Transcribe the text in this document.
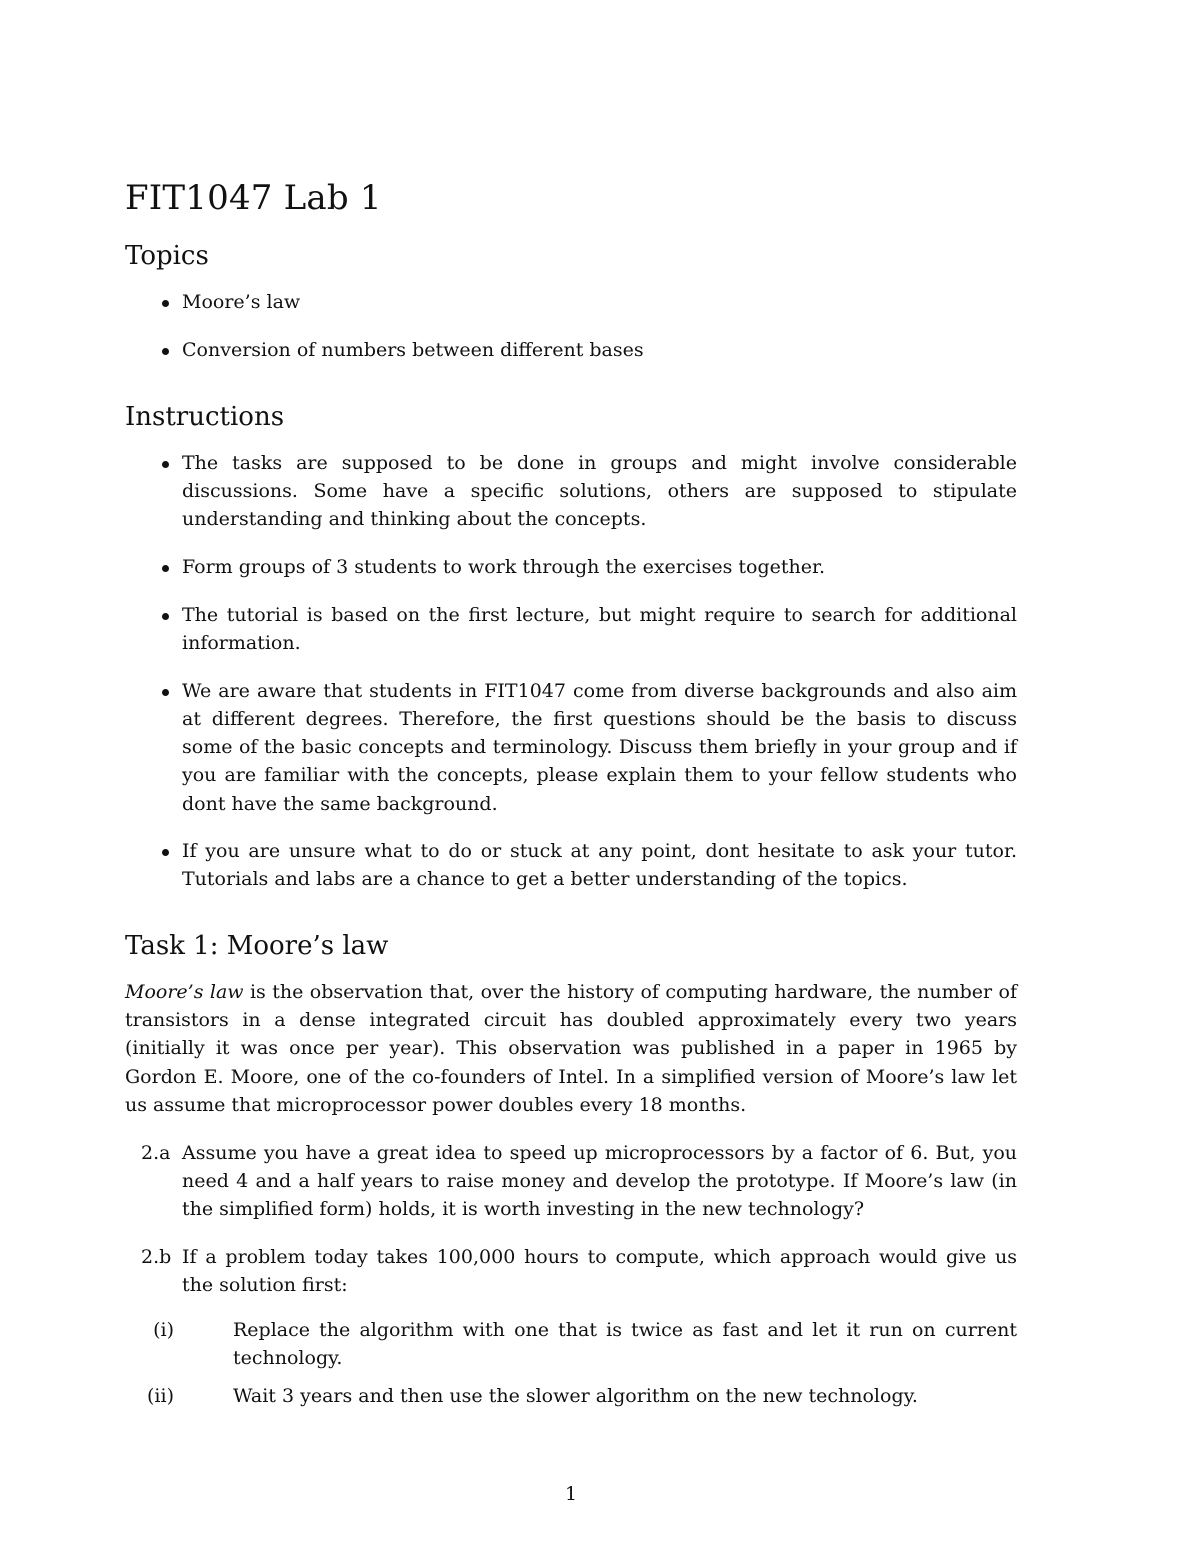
FIT1047 Lab 1
Topics
Moore’s law
Conversion of numbers between different bases
Instructions
The tasks are supposed to be done in groups and might involve considerable discussions. Some have a specific solutions, others are supposed to stipulate understanding and thinking about the concepts.
Form groups of 3 students to work through the exercises together.
The tutorial is based on the first lecture, but might require to search for additional information.
We are aware that students in FIT1047 come from diverse backgrounds and also aim at different degrees. Therefore, the first questions should be the basis to discuss some of the basic concepts and terminology. Discuss them briefly in your group and if you are familiar with the concepts, please explain them to your fellow students who dont have the same background.
If you are unsure what to do or stuck at any point, dont hesitate to ask your tutor. Tutorials and labs are a chance to get a better understanding of the topics.
Task 1: Moore’s law

Moore’s law is the observation that, over the history of computing hardware, the number of transistors in a dense integrated circuit has doubled approximately every two years (initially it was once per year). This observation was published in a paper in 1965 by Gordon E. Moore, one of the co-founders of Intel. In a simplified version of Moore’s law let us assume that microprocessor power doubles every 18 months.

2.a Assume you have a great idea to speed up microprocessors by a factor of 6. But, you need 4 and a half years to raise money and develop the prototype. If Moore’s law (in the simplified form) holds, it is worth investing in the new technology?
2.b If a problem today takes 100,000 hours to compute, which approach would give us the solution first:
(i)	Replace the algorithm with one that is twice as fast and let it run on current technology.
(ii)	Wait 3 years and then use the slower algorithm on the new technology.

1
